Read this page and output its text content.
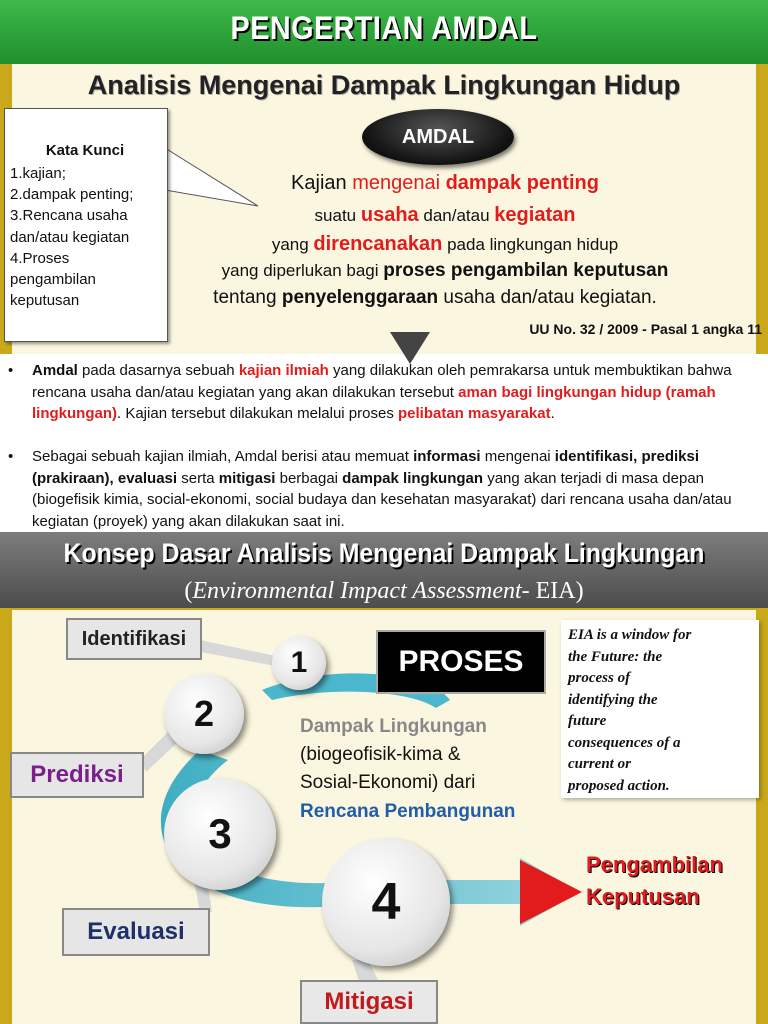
PENGERTIAN AMDAL
Analisis Mengenai Dampak Lingkungan Hidup
Kata Kunci
1.kajian;
2.dampak penting;
3.Rencana usaha
dan/atau kegiatan
4.Proses
pengambilan
keputusan
AMDAL
Kajian mengenai dampak penting
suatu usaha dan/atau kegiatan
yang direncanakan pada lingkungan hidup
yang diperlukan bagi proses pengambilan keputusan
tentang penyelenggaraan usaha dan/atau kegiatan.
UU No. 32 / 2009 - Pasal 1 angka 11
• Amdal pada dasarnya sebuah kajian ilmiah yang dilakukan oleh pemrakarsa untuk membuktikan bahwa rencana usaha dan/atau kegiatan yang akan dilakukan tersebut aman bagi lingkungan hidup (ramah lingkungan). Kajian tersebut dilakukan melalui proses pelibatan masyarakat.
• Sebagai sebuah kajian ilmiah, Amdal berisi atau memuat informasi mengenai identifikasi, prediksi (prakiraan), evaluasi serta mitigasi berbagai dampak lingkungan yang akan terjadi di masa depan (biogefisik kimia, social-ekonomi, social budaya dan kesehatan masyarakat) dari rencana usaha dan/atau kegiatan (proyek) yang akan dilakukan saat ini.
Konsep Dasar Analisis Mengenai Dampak Lingkungan
(Environmental Impact Assessment- EIA)
Identifikasi
Prediksi
Evaluasi
Mitigasi
1
2
3
4
PROSES
EIA is a window for
the Future: the
process of
identifying the
future
consequences of a
current or
proposed action.
Dampak Lingkungan
(biogeofisik-kima &
Sosial-Ekonomi) dari
Rencana Pembangunan
Pengambilan
Keputusan
